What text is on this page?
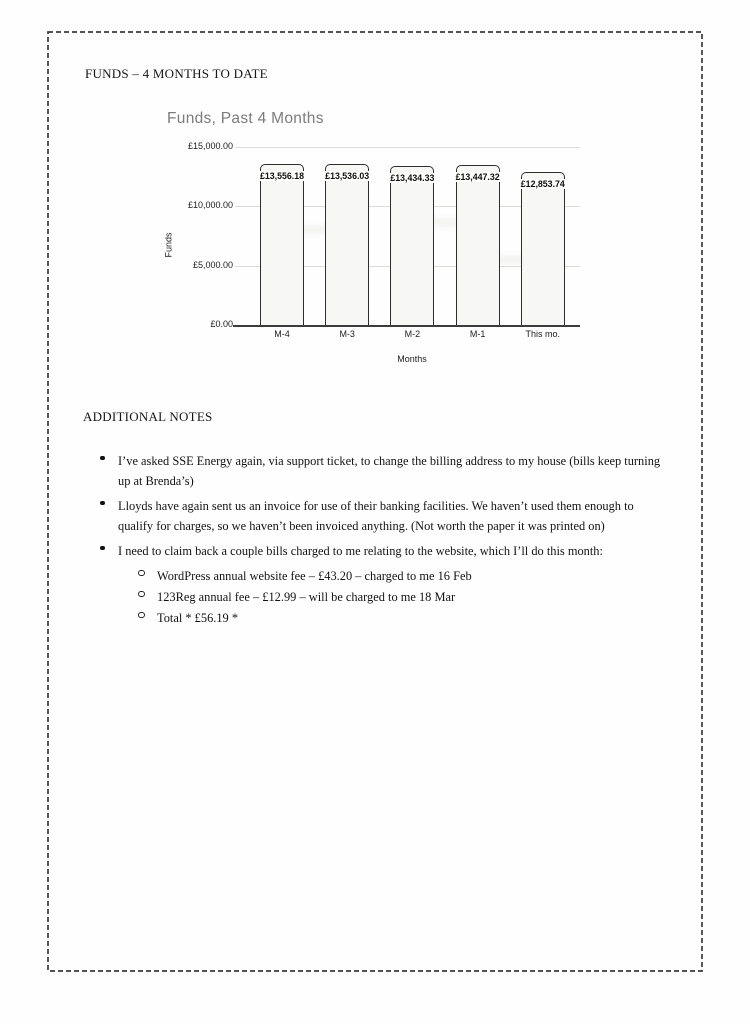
FUNDS – 4 MONTHS TO DATE
Funds, Past 4 Months
Funds
Months
£0.00
£5,000.00
£10,000.00
£15,000.00
£13,556.18
M-4
£13,536.03
M-3
£13,434.33
M-2
£13,447.32
M-1
£12,853.74
This mo.
ADDITIONAL NOTES
I’ve asked SSE Energy again, via support ticket, to change the billing address to my house (bills keep turning up at Brenda’s)
Lloyds have again sent us an invoice for use of their banking facilities. We haven’t used them enough to qualify for charges, so we haven’t been invoiced anything. (Not worth the paper it was printed on)
I need to claim back a couple bills charged to me relating to the website, which I’ll do this month:
WordPress annual website fee – £43.20 – charged to me 16 Feb
123Reg annual fee – £12.99 – will be charged to me 18 Mar
Total * £56.19 *
